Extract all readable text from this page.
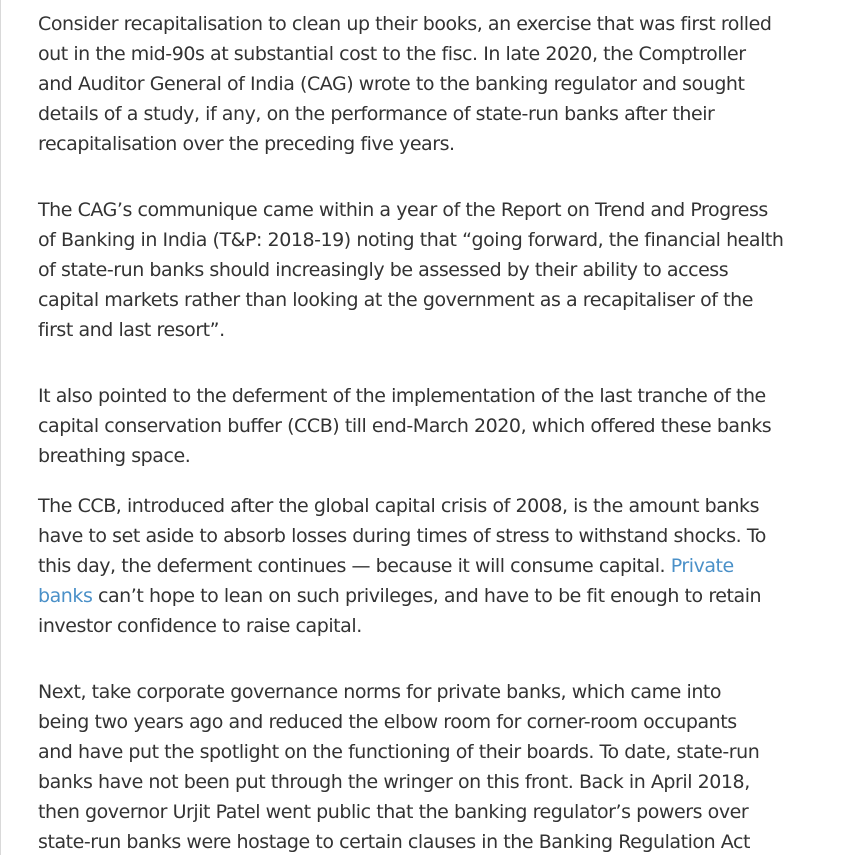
Consider recapitalisation to clean up their books, an exercise that was first rolled
out in the mid-90s at substantial cost to the fisc. In late 2020, the Comptroller
and Auditor General of India (CAG) wrote to the banking regulator and sought
details of a study, if any, on the performance of state-run banks after their
recapitalisation over the preceding five years.

The CAG’s communique came within a year of the Report on Trend and Progress
of Banking in India (T&P: 2018-19) noting that “going forward, the financial health
of state-run banks should increasingly be assessed by their ability to access
capital markets rather than looking at the government as a recapitaliser of the
first and last resort”.

It also pointed to the deferment of the implementation of the last tranche of the
capital conservation buffer (CCB) till end-March 2020, which offered these banks
breathing space.

The CCB, introduced after the global capital crisis of 2008, is the amount banks
have to set aside to absorb losses during times of stress to withstand shocks. To
this day, the deferment continues — because it will consume capital. Private
banks can’t hope to lean on such privileges, and have to be fit enough to retain
investor confidence to raise capital.

Next, take corporate governance norms for private banks, which came into
being two years ago and reduced the elbow room for corner-room occupants
and have put the spotlight on the functioning of their boards. To date, state-run
banks have not been put through the wringer on this front. Back in April 2018,
then governor Urjit Patel went public that the banking regulator’s powers over
state-run banks were hostage to certain clauses in the Banking Regulation Act
